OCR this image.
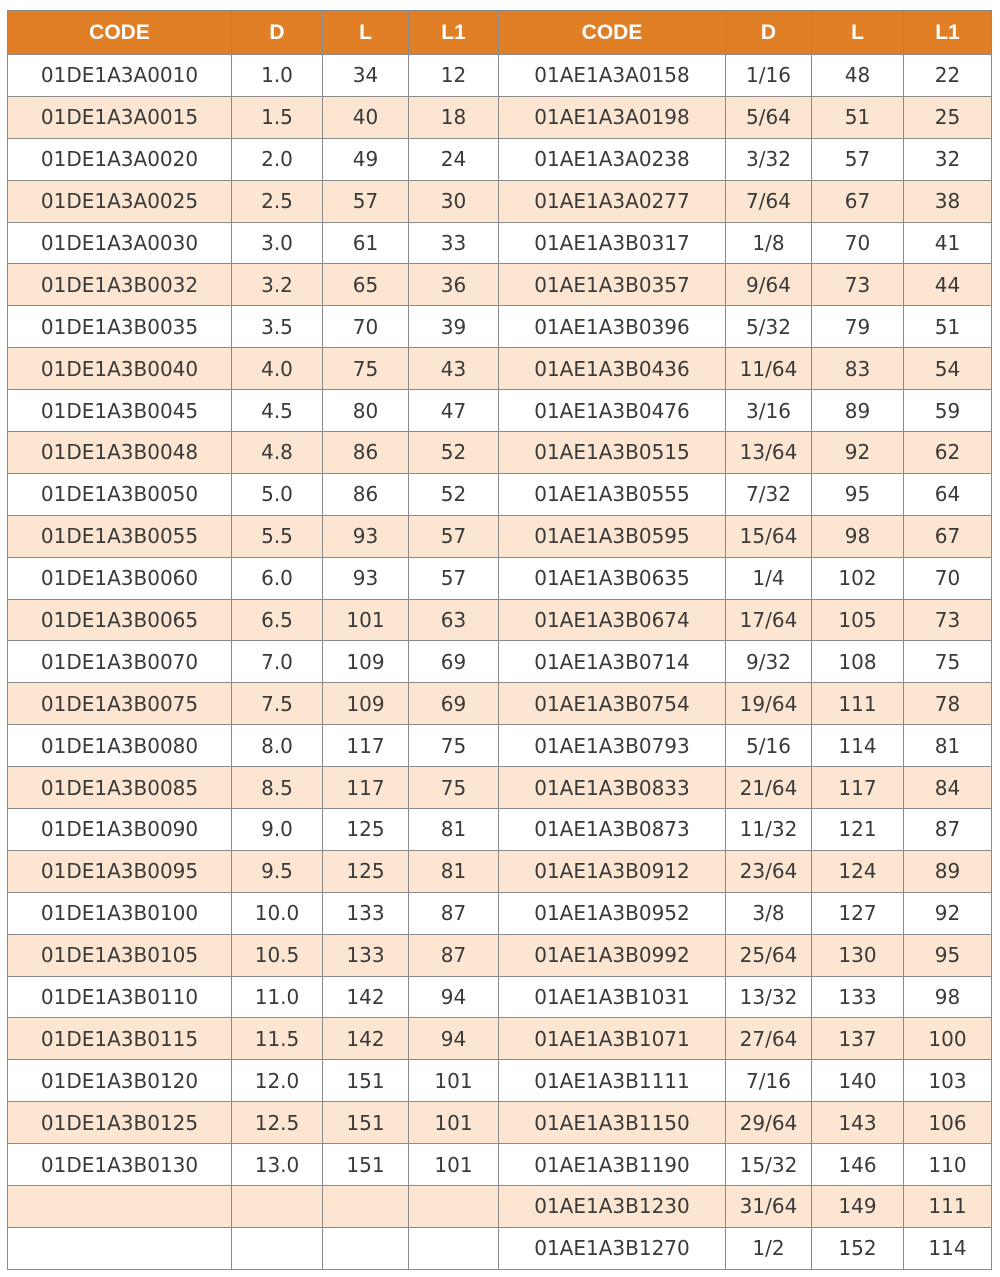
CODE	D	L	L1	CODE	D	L	L1
01DE1A3A0010	1.0	34	12	01AE1A3A0158	1/16	48	22
01DE1A3A0015	1.5	40	18	01AE1A3A0198	5/64	51	25
01DE1A3A0020	2.0	49	24	01AE1A3A0238	3/32	57	32
01DE1A3A0025	2.5	57	30	01AE1A3A0277	7/64	67	38
01DE1A3A0030	3.0	61	33	01AE1A3B0317	1/8	70	41
01DE1A3B0032	3.2	65	36	01AE1A3B0357	9/64	73	44
01DE1A3B0035	3.5	70	39	01AE1A3B0396	5/32	79	51
01DE1A3B0040	4.0	75	43	01AE1A3B0436	11/64	83	54
01DE1A3B0045	4.5	80	47	01AE1A3B0476	3/16	89	59
01DE1A3B0048	4.8	86	52	01AE1A3B0515	13/64	92	62
01DE1A3B0050	5.0	86	52	01AE1A3B0555	7/32	95	64
01DE1A3B0055	5.5	93	57	01AE1A3B0595	15/64	98	67
01DE1A3B0060	6.0	93	57	01AE1A3B0635	1/4	102	70
01DE1A3B0065	6.5	101	63	01AE1A3B0674	17/64	105	73
01DE1A3B0070	7.0	109	69	01AE1A3B0714	9/32	108	75
01DE1A3B0075	7.5	109	69	01AE1A3B0754	19/64	111	78
01DE1A3B0080	8.0	117	75	01AE1A3B0793	5/16	114	81
01DE1A3B0085	8.5	117	75	01AE1A3B0833	21/64	117	84
01DE1A3B0090	9.0	125	81	01AE1A3B0873	11/32	121	87
01DE1A3B0095	9.5	125	81	01AE1A3B0912	23/64	124	89
01DE1A3B0100	10.0	133	87	01AE1A3B0952	3/8	127	92
01DE1A3B0105	10.5	133	87	01AE1A3B0992	25/64	130	95
01DE1A3B0110	11.0	142	94	01AE1A3B1031	13/32	133	98
01DE1A3B0115	11.5	142	94	01AE1A3B1071	27/64	137	100
01DE1A3B0120	12.0	151	101	01AE1A3B1111	7/16	140	103
01DE1A3B0125	12.5	151	101	01AE1A3B1150	29/64	143	106
01DE1A3B0130	13.0	151	101	01AE1A3B1190	15/32	146	110
				01AE1A3B1230	31/64	149	111
				01AE1A3B1270	1/2	152	114
